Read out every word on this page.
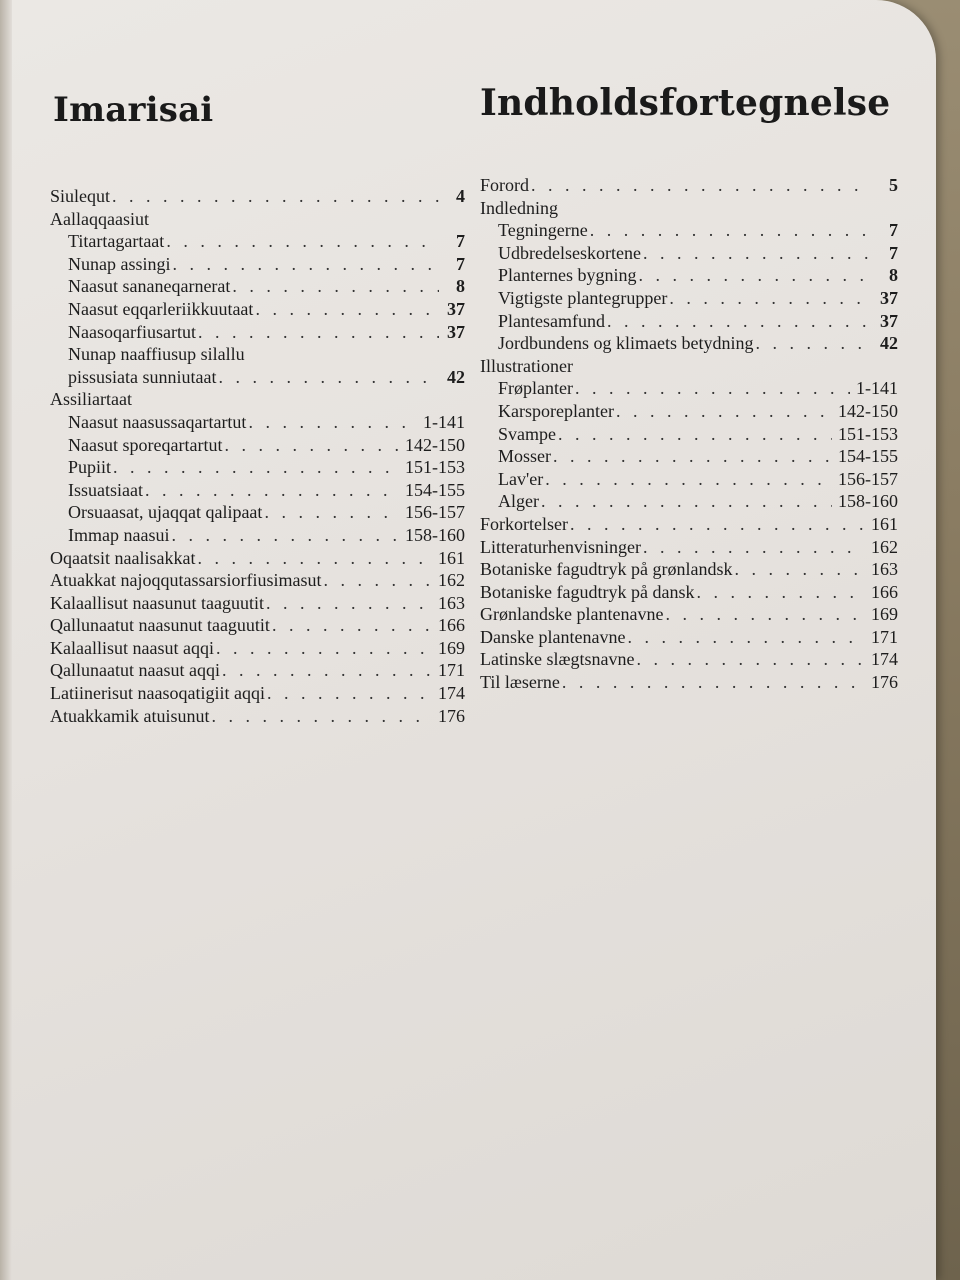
Imarisai
Siulequt . . .	4
Aallaqqaasiut
Titartagartaat . . .	7
Nunap assingi . . .	7
Naasut sananeqarnerat . . .	8
Naasut eqqarleriikkuutaat . . .	37
Naasoqarfiusartut . . .	37
Nunap naaffiusup silallu
pissusiata sunniutaat . . .	42
Assiliartaat
Naasut naasussaqartartut . . .	1-141
Naasut sporeqartartut . . .	142-150
Pupiit . . .	151-153
Issuatsiaat . . .	154-155
Orsuaasat, ujaqqat qalipaat . . .	156-157
Immap naasui . . .	158-160
Oqaatsit naalisakkat . . .	161
Atuakkat najoqqutassarsiorfiusimasut . . .	162
Kalaallisut naasunut taaguutit . . .	163
Qallunaatut naasunut taaguutit . . .	166
Kalaallisut naasut aqqi . . .	169
Qallunaatut naasut aqqi . . .	171
Latiinerisut naasoqatigiit aqqi . . .	174
Atuakkamik atuisunut . . .	176
Indholdsfortegnelse
Forord . . .	5
Indledning
Tegningerne . . .	7
Udbredelseskortene . . .	7
Planternes bygning . . .	8
Vigtigste plantegrupper . . .	37
Plantesamfund . . .	37
Jordbundens og klimaets betydning . . .	42
Illustrationer
Frøplanter . . .	1-141
Karsporeplanter . . .	142-150
Svampe . . .	151-153
Mosser . . .	154-155
Lav'er . . .	156-157
Alger . . .	158-160
Forkortelser . . .	161
Litteraturhenvisninger . . .	162
Botaniske fagudtryk på grønlandsk . . .	163
Botaniske fagudtryk på dansk . . .	166
Grønlandske plantenavne . . .	169
Danske plantenavne . . .	171
Latinske slægtsnavne . . .	174
Til læserne . . .	176
